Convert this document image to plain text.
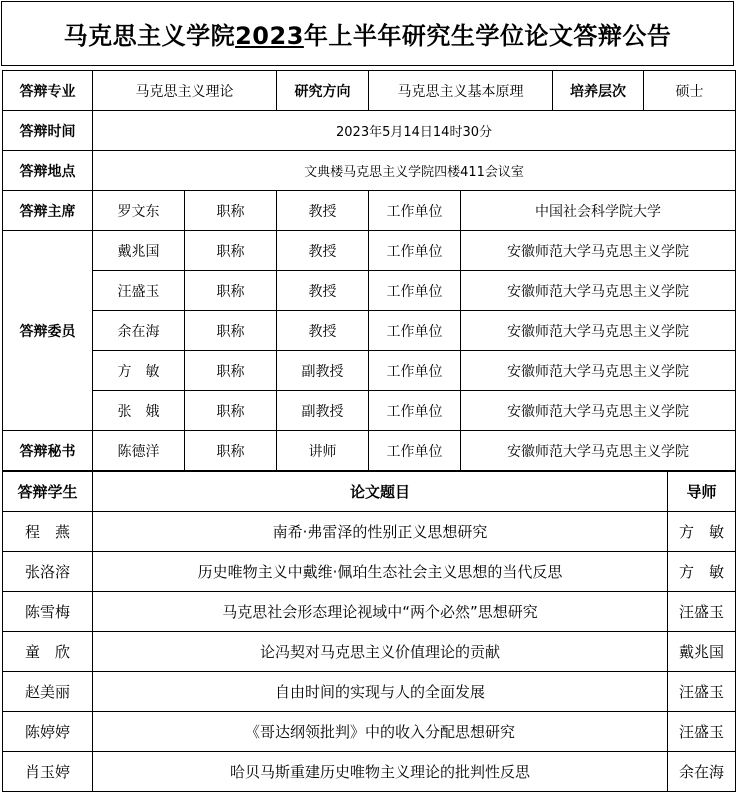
马克思主义学院2023年上半年研究生学位论文答辩公告
答辩专业	马克思主义理论		研究方向	马克思主义基本原理		培养层次	硕士
答辩时间	2023年5月14日14时30分						
答辩地点	文典楼马克思主义学院四楼411会议室						
答辩主席	罗文东	职称	教授	工作单位	中国社会科学院大学		
答辩委员	戴兆国	职称	教授	工作单位	安徽师范大学马克思主义学院		
	汪盛玉	职称	教授	工作单位	安徽师范大学马克思主义学院		
	余在海	职称	教授	工作单位	安徽师范大学马克思主义学院		
	方　敏	职称	副教授	工作单位	安徽师范大学马克思主义学院		
	张　娥	职称	副教授	工作单位	安徽师范大学马克思主义学院		
答辩秘书	陈德洋	职称	讲师	工作单位	安徽师范大学马克思主义学院		
答辩学生	论文题目	导师
程　燕	南希·弗雷泽的性别正义思想研究	方　敏
张洛溶	历史唯物主义中戴维·佩珀生态社会主义思想的当代反思	方　敏
陈雪梅	马克思社会形态理论视域中“两个必然”思想研究	汪盛玉
童　欣	论冯契对马克思主义价值理论的贡献	戴兆国
赵美丽	自由时间的实现与人的全面发展	汪盛玉
陈婷婷	《哥达纲领批判》中的收入分配思想研究	汪盛玉
肖玉婷	哈贝马斯重建历史唯物主义理论的批判性反思	余在海
